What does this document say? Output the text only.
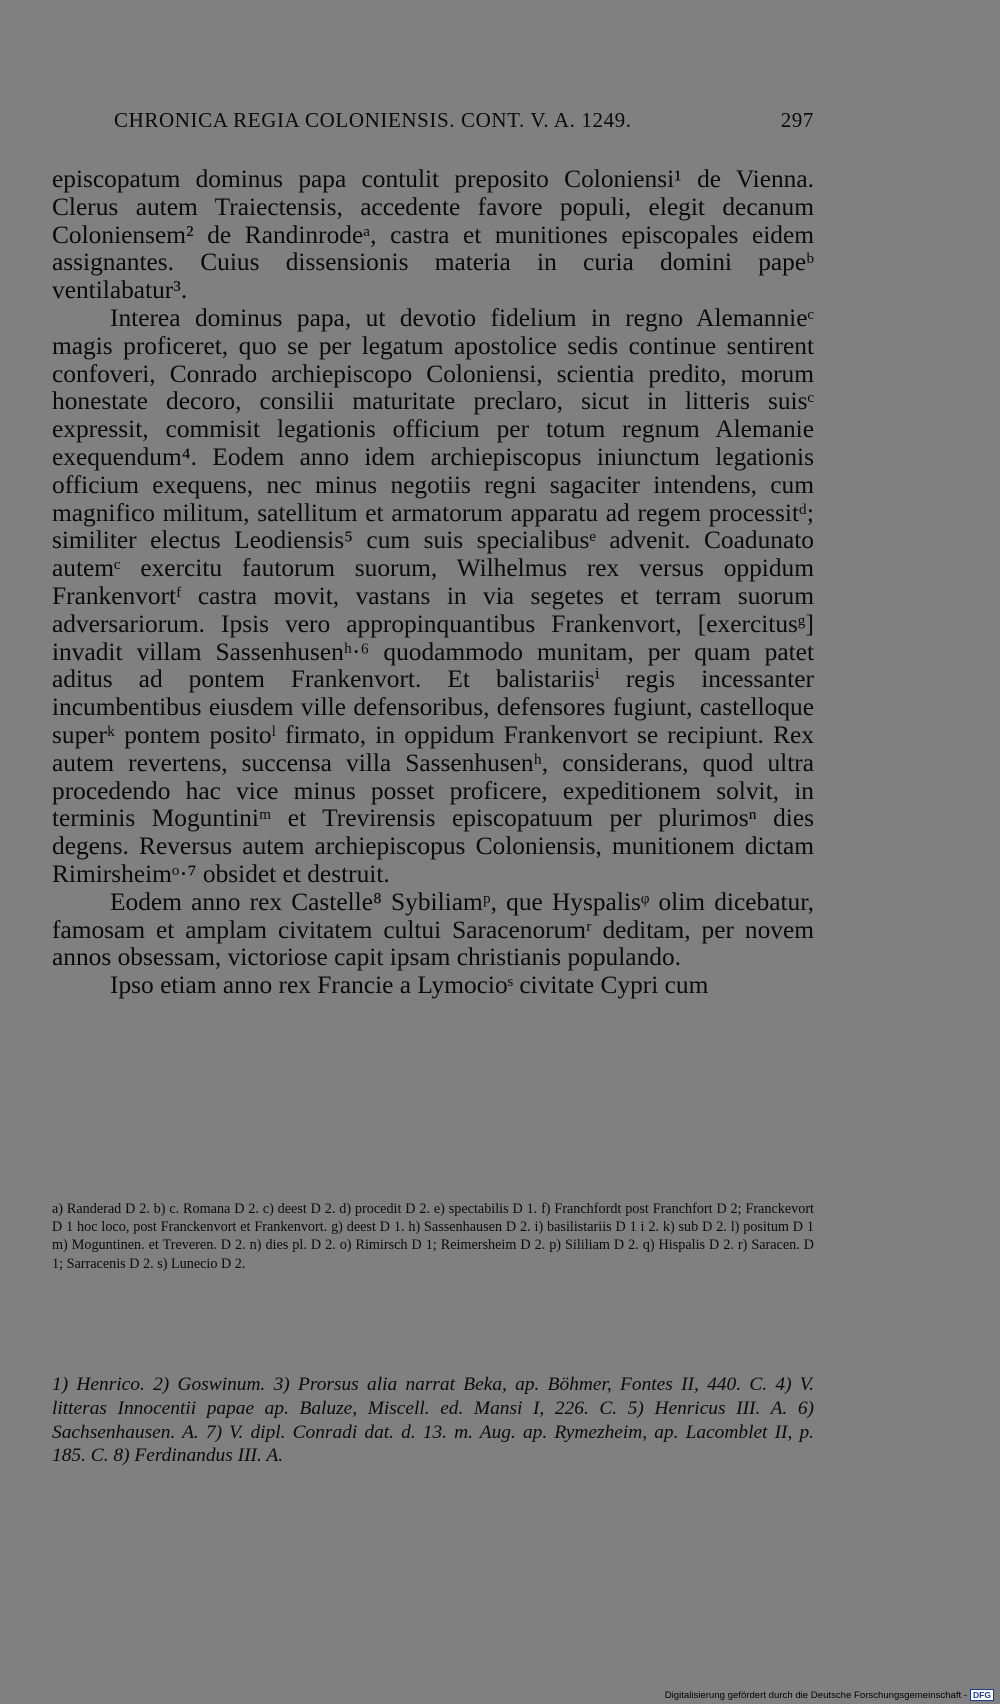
CHRONICA REGIA COLONIENSIS. CONT. V. A. 1249.	297

episcopatum dominus papa contulit preposito Coloniensi¹ de Vienna. Clerus autem Traiectensis, accedente favore populi, elegit decanum Coloniensem² de Randinrodeᵃ, castra et munitiones episcopales eidem assignantes. Cuius dissensionis materia in curia domini papeᵇ ventilabatur³.

Interea dominus papa, ut devotio fidelium in regno Alemannieᶜ magis proficeret, quo se per legatum apostolice sedis continue sentirent confoveri, Conrado archiepiscopo Coloniensi, scientia predito, morum honestate decoro, consilii maturitate preclaro, sicut in litteris suisᶜ expressit, commisit legationis officium per totum regnum Alemanie exequendum⁴. Eodem anno idem archiepiscopus iniunctum legationis officium exequens, nec minus negotiis regni sagaciter intendens, cum magnifico militum, satellitum et armatorum apparatu ad regem processitᵈ; similiter electus Leodiensis⁵ cum suis specialibusᵉ advenit. Coadunato autemᶜ exercitu fautorum suorum, Wilhelmus rex versus oppidum Frankenvortᶠ castra movit, vastans in via segetes et terram suorum adversariorum. Ipsis vero appropinquantibus Frankenvort, [exercitusᵍ] invadit villam Sassenhusenʰ·⁶ quodammodo munitam, per quam patet aditus ad pontem Frankenvort. Et balistariisⁱ regis incessanter incumbentibus eiusdem ville defensoribus, defensores fugiunt, castelloque superᵏ pontem positoˡ firmato, in oppidum Frankenvort se recipiunt. Rex autem revertens, succensa villa Sassenhusenʰ, considerans, quod ultra procedendo hac vice minus posset proficere, expeditionem solvit, in terminis Moguntiniᵐ et Trevirensis episcopatuum per plurimosⁿ dies degens. Reversus autem archiepiscopus Coloniensis, munitionem dictam Rimirsheimᵒ·⁷ obsidet et destruit.

Eodem anno rex Castelle⁸ Sybiliamᵖ, que Hyspalisᵠ olim dicebatur, famosam et amplam civitatem cultui Saracenorumʳ deditam, per novem annos obsessam, victoriose capit ipsam christianis populando.

Ipso etiam anno rex Francie a Lymocioˢ civitate Cypri cum

a) Randerad D 2. b) c. Romana D 2. c) deest D 2. d) procedit D 2. e) spectabilis D 1. f) Franchfordt post Franchfort D 2; Franckevort D 1 hoc loco, post Franckenvort et Frankenvort. g) deest D 1. h) Sassenhausen D 2. i) basilistariis D 1 i 2. k) sub D 2. l) positum D 1 m) Moguntinen. et Treveren. D 2. n) dies pl. D 2. o) Rimirsch D 1; Reimersheim D 2. p) Sililiam D 2. q) Hispalis D 2. r) Saracen. D 1; Sarracenis D 2. s) Lunecio D 2.
1) Henrico. 2) Goswinum. 3) Prorsus alia narrat Beka, ap. Böhmer, Fontes II, 440. C. 4) V. litteras Innocentii papae ap. Baluze, Miscell. ed. Mansi I, 226. C. 5) Henricus III. A. 6) Sachsenhausen. A. 7) V. dipl. Conradi dat. d. 13. m. Aug. ap. Rymezheim, ap. Lacomblet II, p. 185. C. 8) Ferdinandus III. A.
Digitalisierung gefördert durch die Deutsche Forschungsgemeinschaft - DFG
